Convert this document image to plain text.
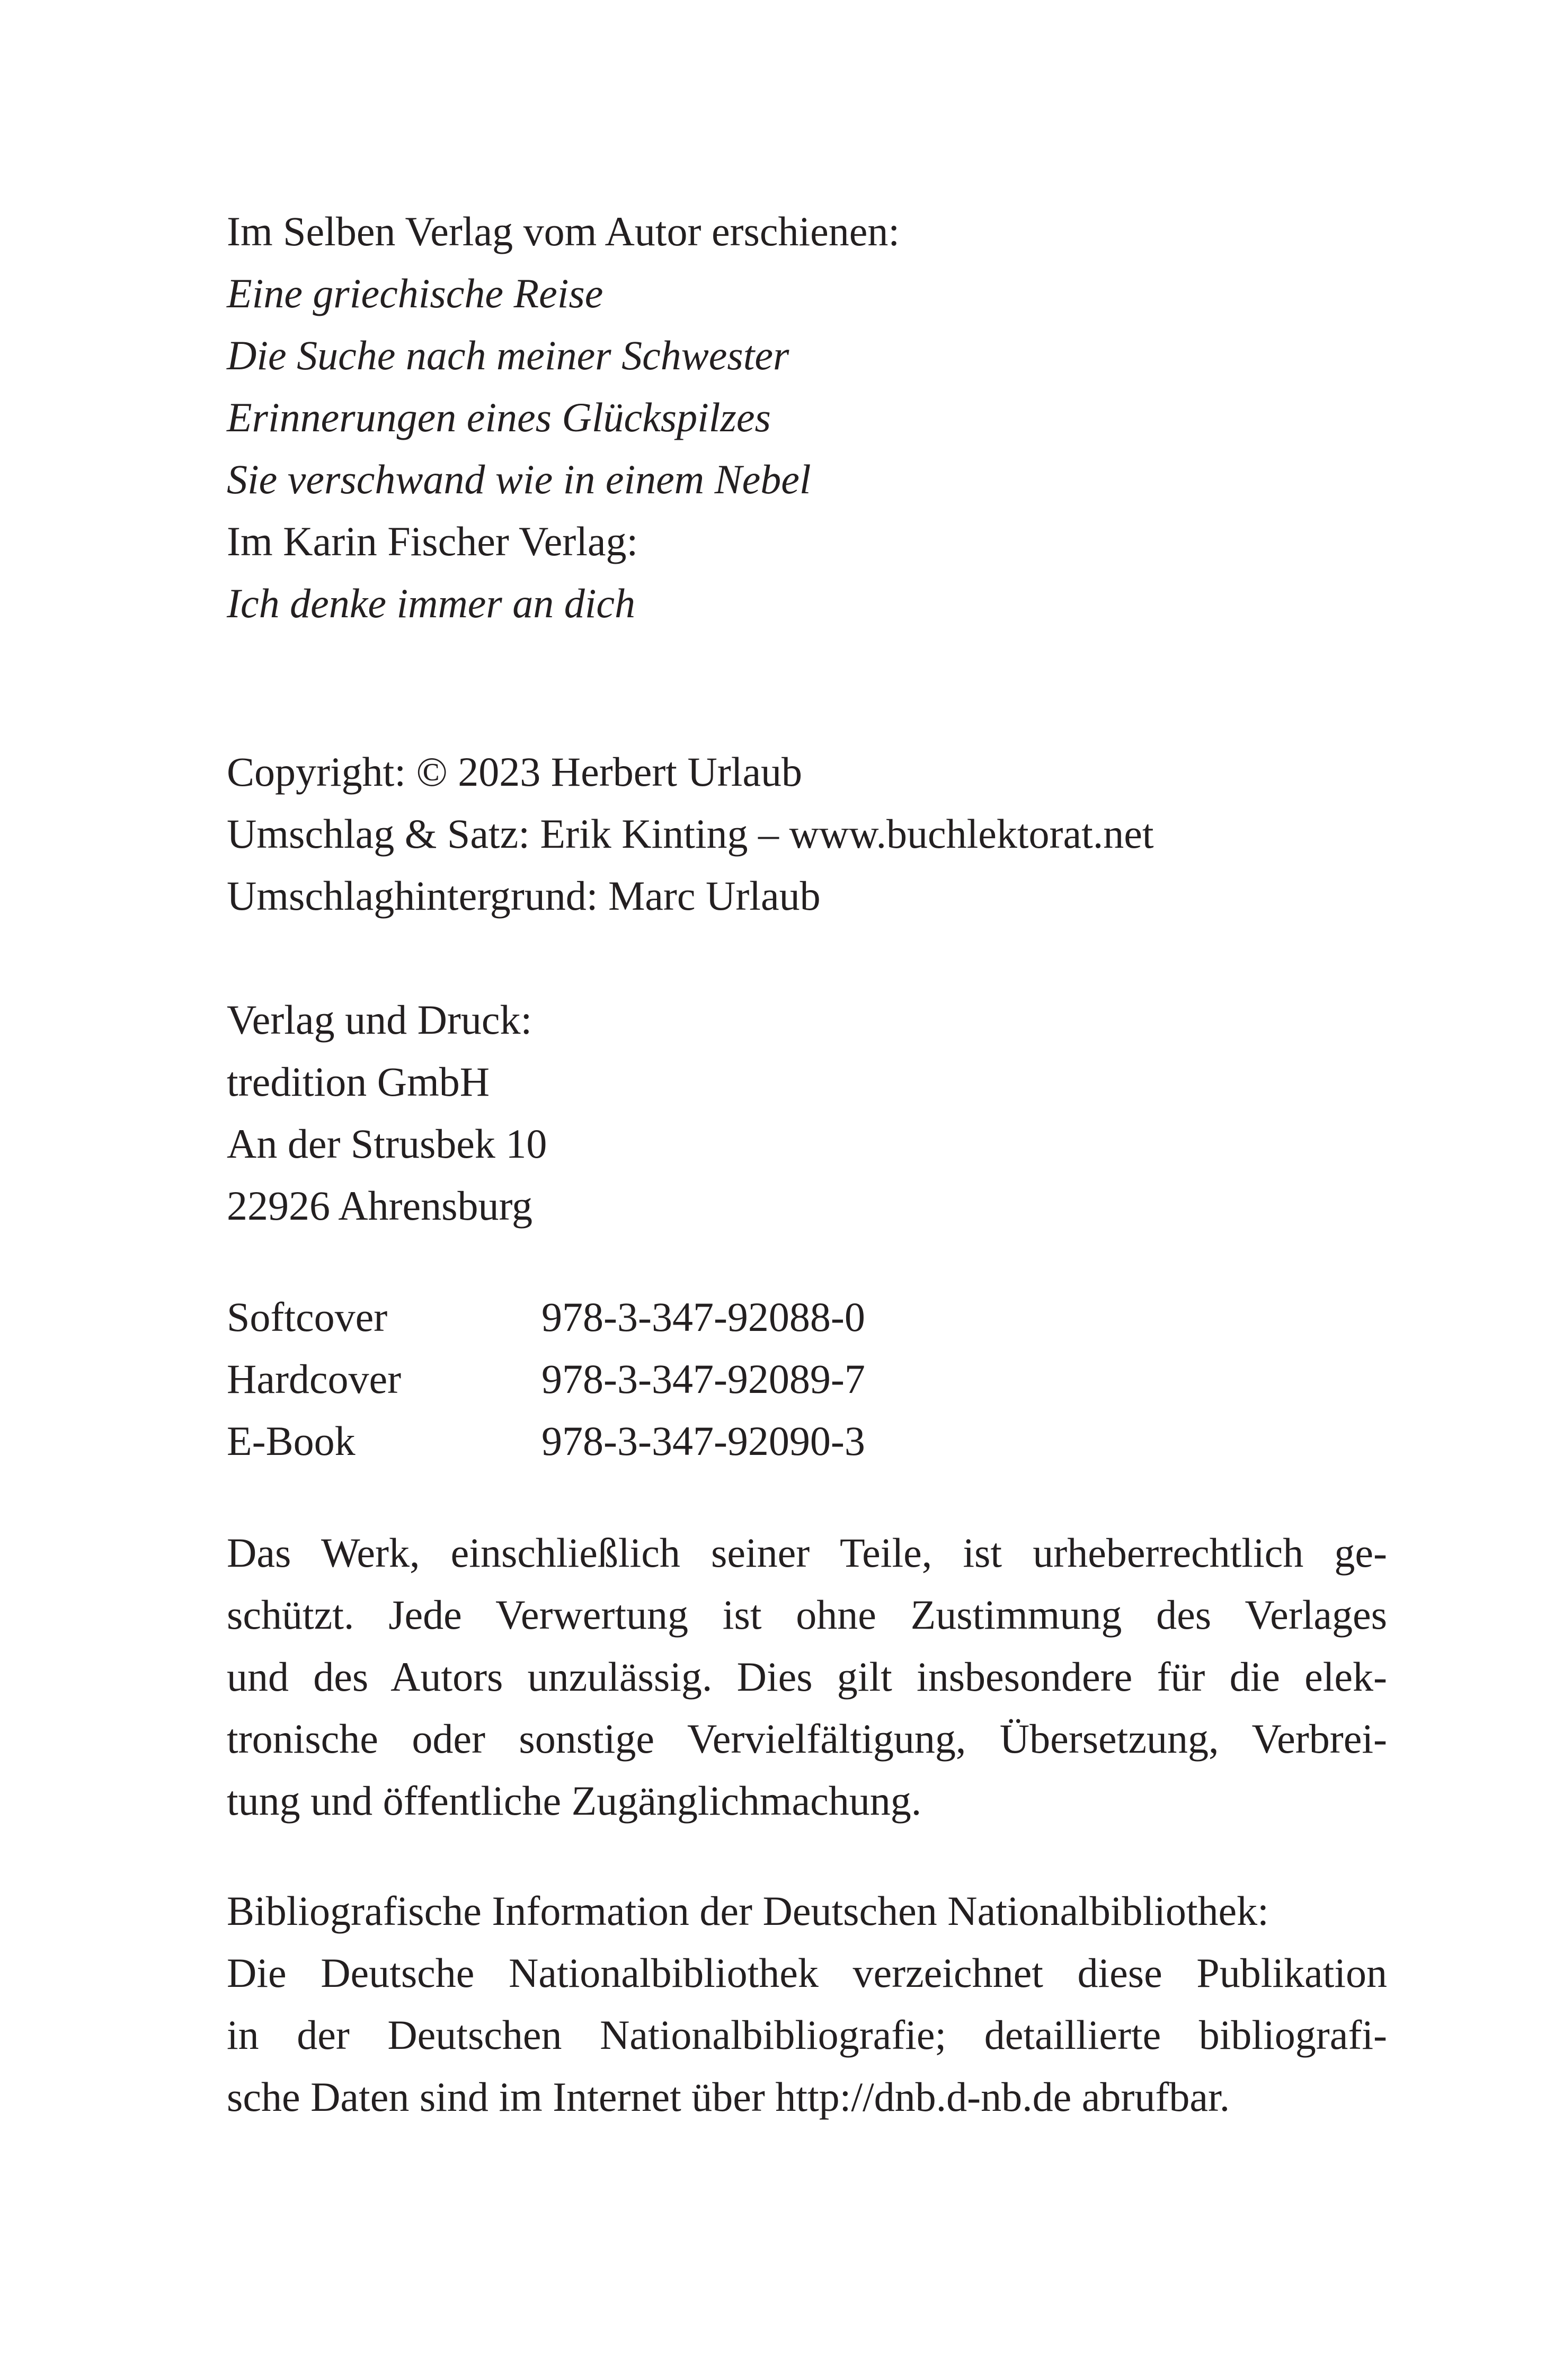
Im Selben Verlag vom Autor erschienen:
Eine griechische Reise
Die Suche nach meiner Schwester
Erinnerungen eines Glückspilzes
Sie verschwand wie in einem Nebel
Im Karin Fischer Verlag:
Ich denke immer an dich
Copyright: © 2023 Herbert Urlaub
Umschlag & Satz: Erik Kinting – www.buchlektorat.net
Umschlaghintergrund: Marc Urlaub
Verlag und Druck:
tredition GmbH
An der Strusbek 10
22926 Ahrensburg
Softcover	978-3-347-92088-0
Hardcover	978-3-347-92089-7
E-Book	978-3-347-92090-3
Das Werk, einschließlich seiner Teile, ist urheberrechtlich ge-
schützt. Jede Verwertung ist ohne Zustimmung des Verlages
und des Autors unzulässig. Dies gilt insbesondere für die elek-
tronische oder sonstige Vervielfältigung, Übersetzung, Verbrei-
tung und öffentliche Zugänglichmachung.
Bibliografische Information der Deutschen Nationalbibliothek:
Die Deutsche Nationalbibliothek verzeichnet diese Publikation
in der Deutschen Nationalbibliografie; detaillierte bibliografi-
sche Daten sind im Internet über http://dnb.d-nb.de abrufbar.
